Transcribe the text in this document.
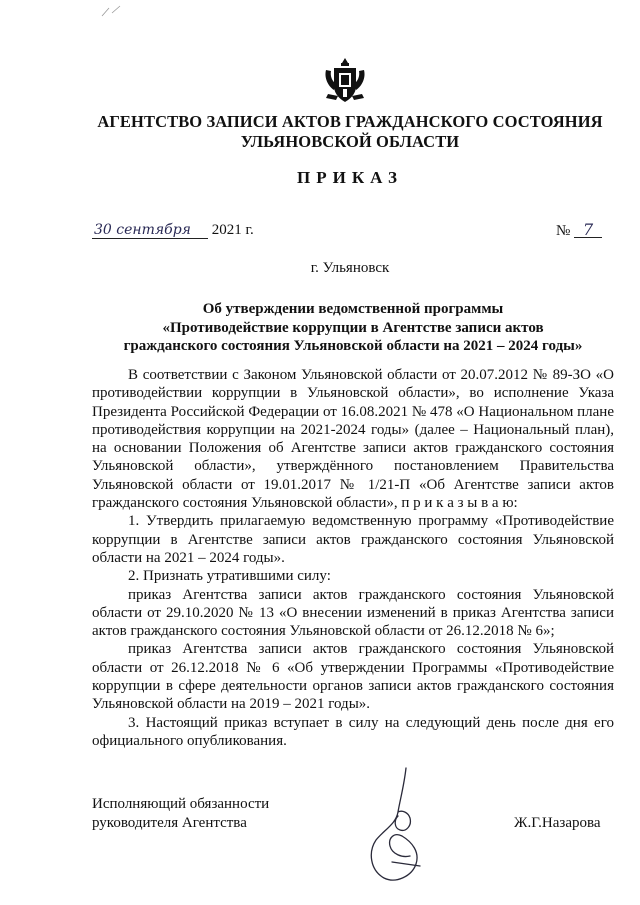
АГЕНТСТВО ЗАПИСИ АКТОВ ГРАЖДАНСКОГО СОСТОЯНИЯ
УЛЬЯНОВСКОЙ ОБЛАСТИ
ПРИКАЗ
30 сентября 2021 г.	№ 7
г. Ульяновск
Об утверждении ведомственной программы
«Противодействие коррупции в Агентстве записи актов
гражданского состояния Ульяновской области на 2021 – 2024 годы»

В соответствии с Законом Ульяновской области от 20.07.2012 № 89-ЗО «О противодействии коррупции в Ульяновской области», во исполнение Указа Президента Российской Федерации от 16.08.2021 № 478 «О Национальном плане противодействия коррупции на 2021-2024 годы» (далее – Национальный план), на основании Положения об Агентстве записи актов гражданского состояния Ульяновской области», утверждённого постановлением Правительства Ульяновской области от 19.01.2017 № 1/21-П «Об Агентстве записи актов гражданского состояния Ульяновской области», п р и к а з ы в а ю:

1. Утвердить прилагаемую ведомственную программу «Противодействие коррупции в Агентстве записи актов гражданского состояния Ульяновской области на 2021 – 2024 годы».

2. Признать утратившими силу:

приказ Агентства записи актов гражданского состояния Ульяновской области от 29.10.2020 № 13 «О внесении изменений в приказ Агентства записи актов гражданского состояния Ульяновской области от 26.12.2018 № 6»;

приказ Агентства записи актов гражданского состояния Ульяновской области от 26.12.2018 № 6 «Об утверждении Программы «Противодействие коррупции в сфере деятельности органов записи актов гражданского состояния Ульяновской области на 2019 – 2021 годы».

3. Настоящий приказ вступает в силу на следующий день после дня его официального опубликования.

Исполняющий обязанности
руководителя Агентства	Ж.Г.Назарова
